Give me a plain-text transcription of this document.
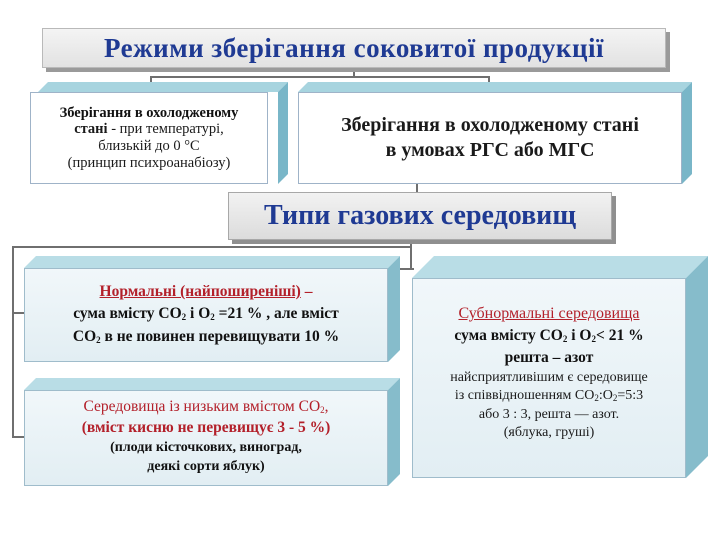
Режими зберігання соковитої продукції
Зберігання в охолодженому
стані - при температурі,
близькій до 0 °С
(принцип психроанабіозу)
Зберігання в охолодженому стані
в умовах РГС або МГС
Типи газових середовищ
Нормальні (найпоширеніші) –
сума вмісту $СО_2$ і $О_2 =21$ % , але вміст
$СО_2$ в не повинен перевищувати 10 %
Середовища із низьким вмістом $СО_2$,
(вміст кисню не перевищує 3 - 5 %)
(плоди кісточкових, виноград,
деякі сорти яблук)
Субнормальні середовища
сума вмісту $СО_2$ і $О_2< 21$ %
решта – азот
найсприятливішим є середовище
із співвідношенням $СО_2:О_2=5:3$
або 3 : 3, решта — азот.
(яблука, груші)
